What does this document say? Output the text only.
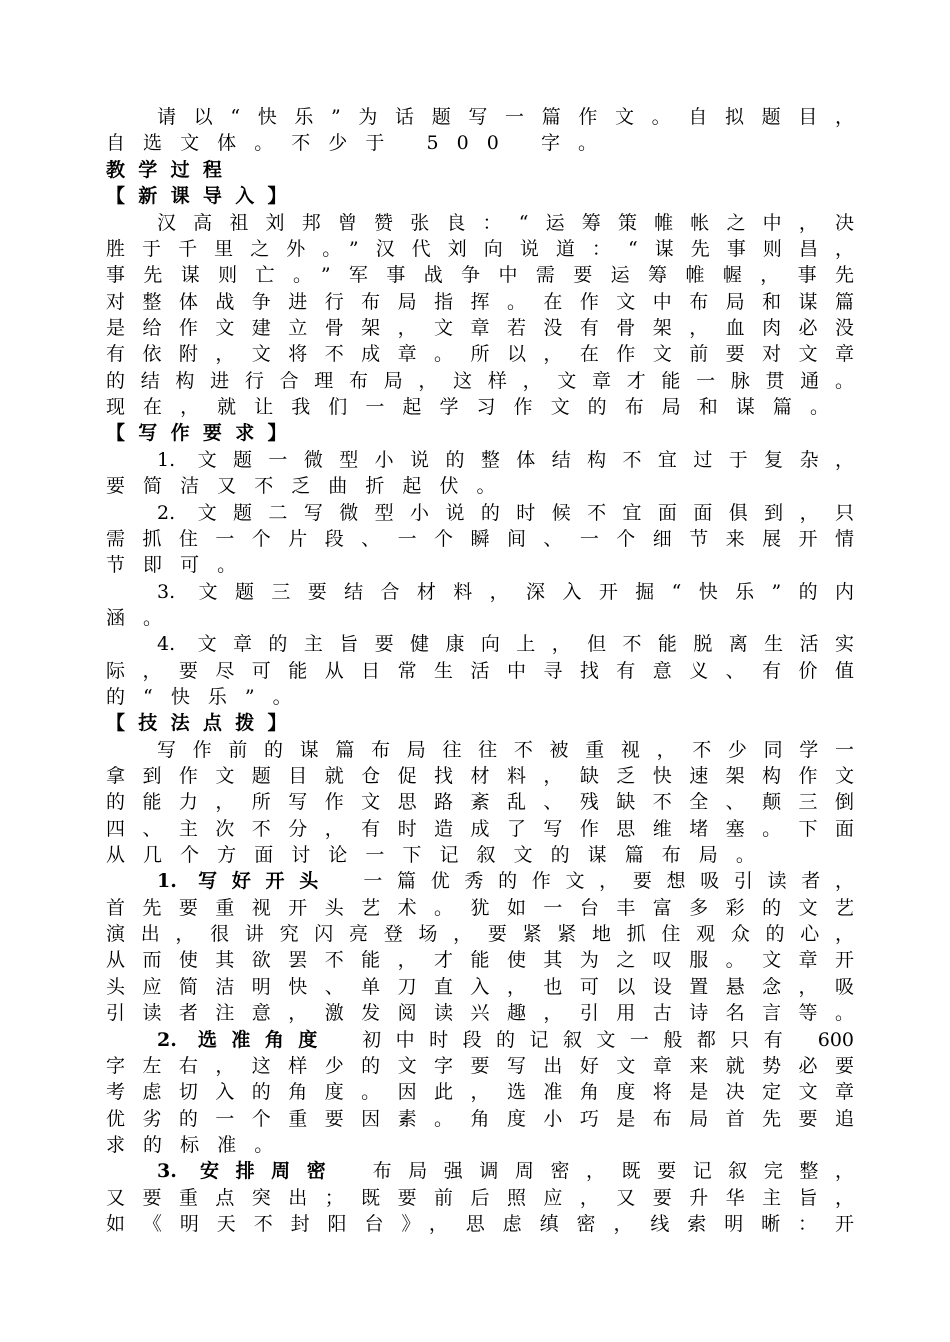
请以“快乐”为话题写一篇作文。自拟题目，
自选文体。不少于 500 字。
教学过程
【新课导入】
汉高祖刘邦曾赞张良：“运筹策帷帐之中，决
胜于千里之外。”汉代刘向说道：“谋先事则昌，
事先谋则亡。”军事战争中需要运筹帷幄，事先
对整体战争进行布局指挥。在作文中布局和谋篇
是给作文建立骨架，文章若没有骨架，血肉必没
有依附，文将不成章。所以，在作文前要对文章
的结构进行合理布局，这样，文章才能一脉贯通。
现在，就让我们一起学习作文的布局和谋篇。
【写作要求】
1. 文题一微型小说的整体结构不宜过于复杂，
要简洁又不乏曲折起伏。
2. 文题二写微型小说的时候不宜面面俱到，只
需抓住一个片段、一个瞬间、一个细节来展开情
节即可。
3. 文题三要结合材料，深入开掘“快乐”的内
涵。
4. 文章的主旨要健康向上，但不能脱离生活实
际，要尽可能从日常生活中寻找有意义、有价值
的“快乐”。
【技法点拨】
写作前的谋篇布局往往不被重视，不少同学一
拿到作文题目就仓促找材料，缺乏快速架构作文
的能力，所写作文思路紊乱、残缺不全、颠三倒
四、主次不分，有时造成了写作思维堵塞。下面
从几个方面讨论一下记叙文的谋篇布局。
1. 写好开头 一篇优秀的作文，要想吸引读者，
首先要重视开头艺术。犹如一台丰富多彩的文艺
演出，很讲究闪亮登场，要紧紧地抓住观众的心，
从而使其欲罢不能，才能使其为之叹服。文章开
头应简洁明快、单刀直入，也可以设置悬念，吸
引读者注意，激发阅读兴趣，引用古诗名言等。
2. 选准角度 初中时段的记叙文一般都只有 600
字左右，这样少的文字要写出好文章来就势必要
考虑切入的角度。因此，选准角度将是决定文章
优劣的一个重要因素。角度小巧是布局首先要追
求的标准。
3. 安排周密 布局强调周密，既要记叙完整，
又要重点突出；既要前后照应，又要升华主旨，
如《明天不封阳台》，思虑缜密，线索明晰：开
